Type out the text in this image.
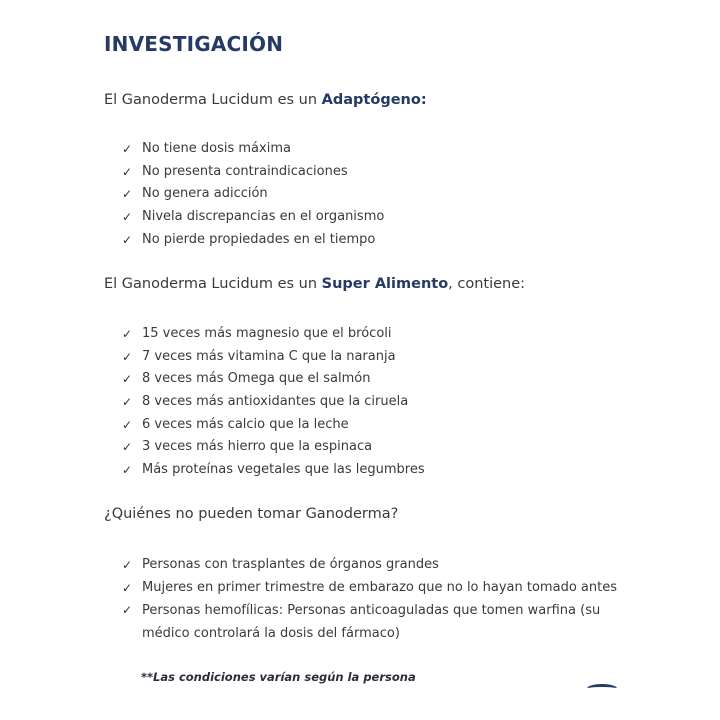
INVESTIGACIÓN

El Ganoderma Lucidum es un Adaptógeno:

✓ No tiene dosis máxima
✓ No presenta contraindicaciones
✓ No genera adicción
✓ Nivela discrepancias en el organismo
✓ No pierde propiedades en el tiempo

El Ganoderma Lucidum es un Super Alimento, contiene:

✓ 15 veces más magnesio que el brócoli
✓ 7 veces más vitamina C que la naranja
✓ 8 veces más Omega que el salmón
✓ 8 veces más antioxidantes que la ciruela
✓ 6 veces más calcio que la leche
✓ 3 veces más hierro que la espinaca
✓ Más proteínas vegetales que las legumbres

¿Quiénes no pueden tomar Ganoderma?

✓ Personas con trasplantes de órganos grandes
✓ Mujeres en primer trimestre de embarazo que no lo hayan tomado antes
✓ Personas hemofílicas: Personas anticoaguladas que tomen warfina (su médico controlará la dosis del fármaco)

**Las condiciones varían según la persona
